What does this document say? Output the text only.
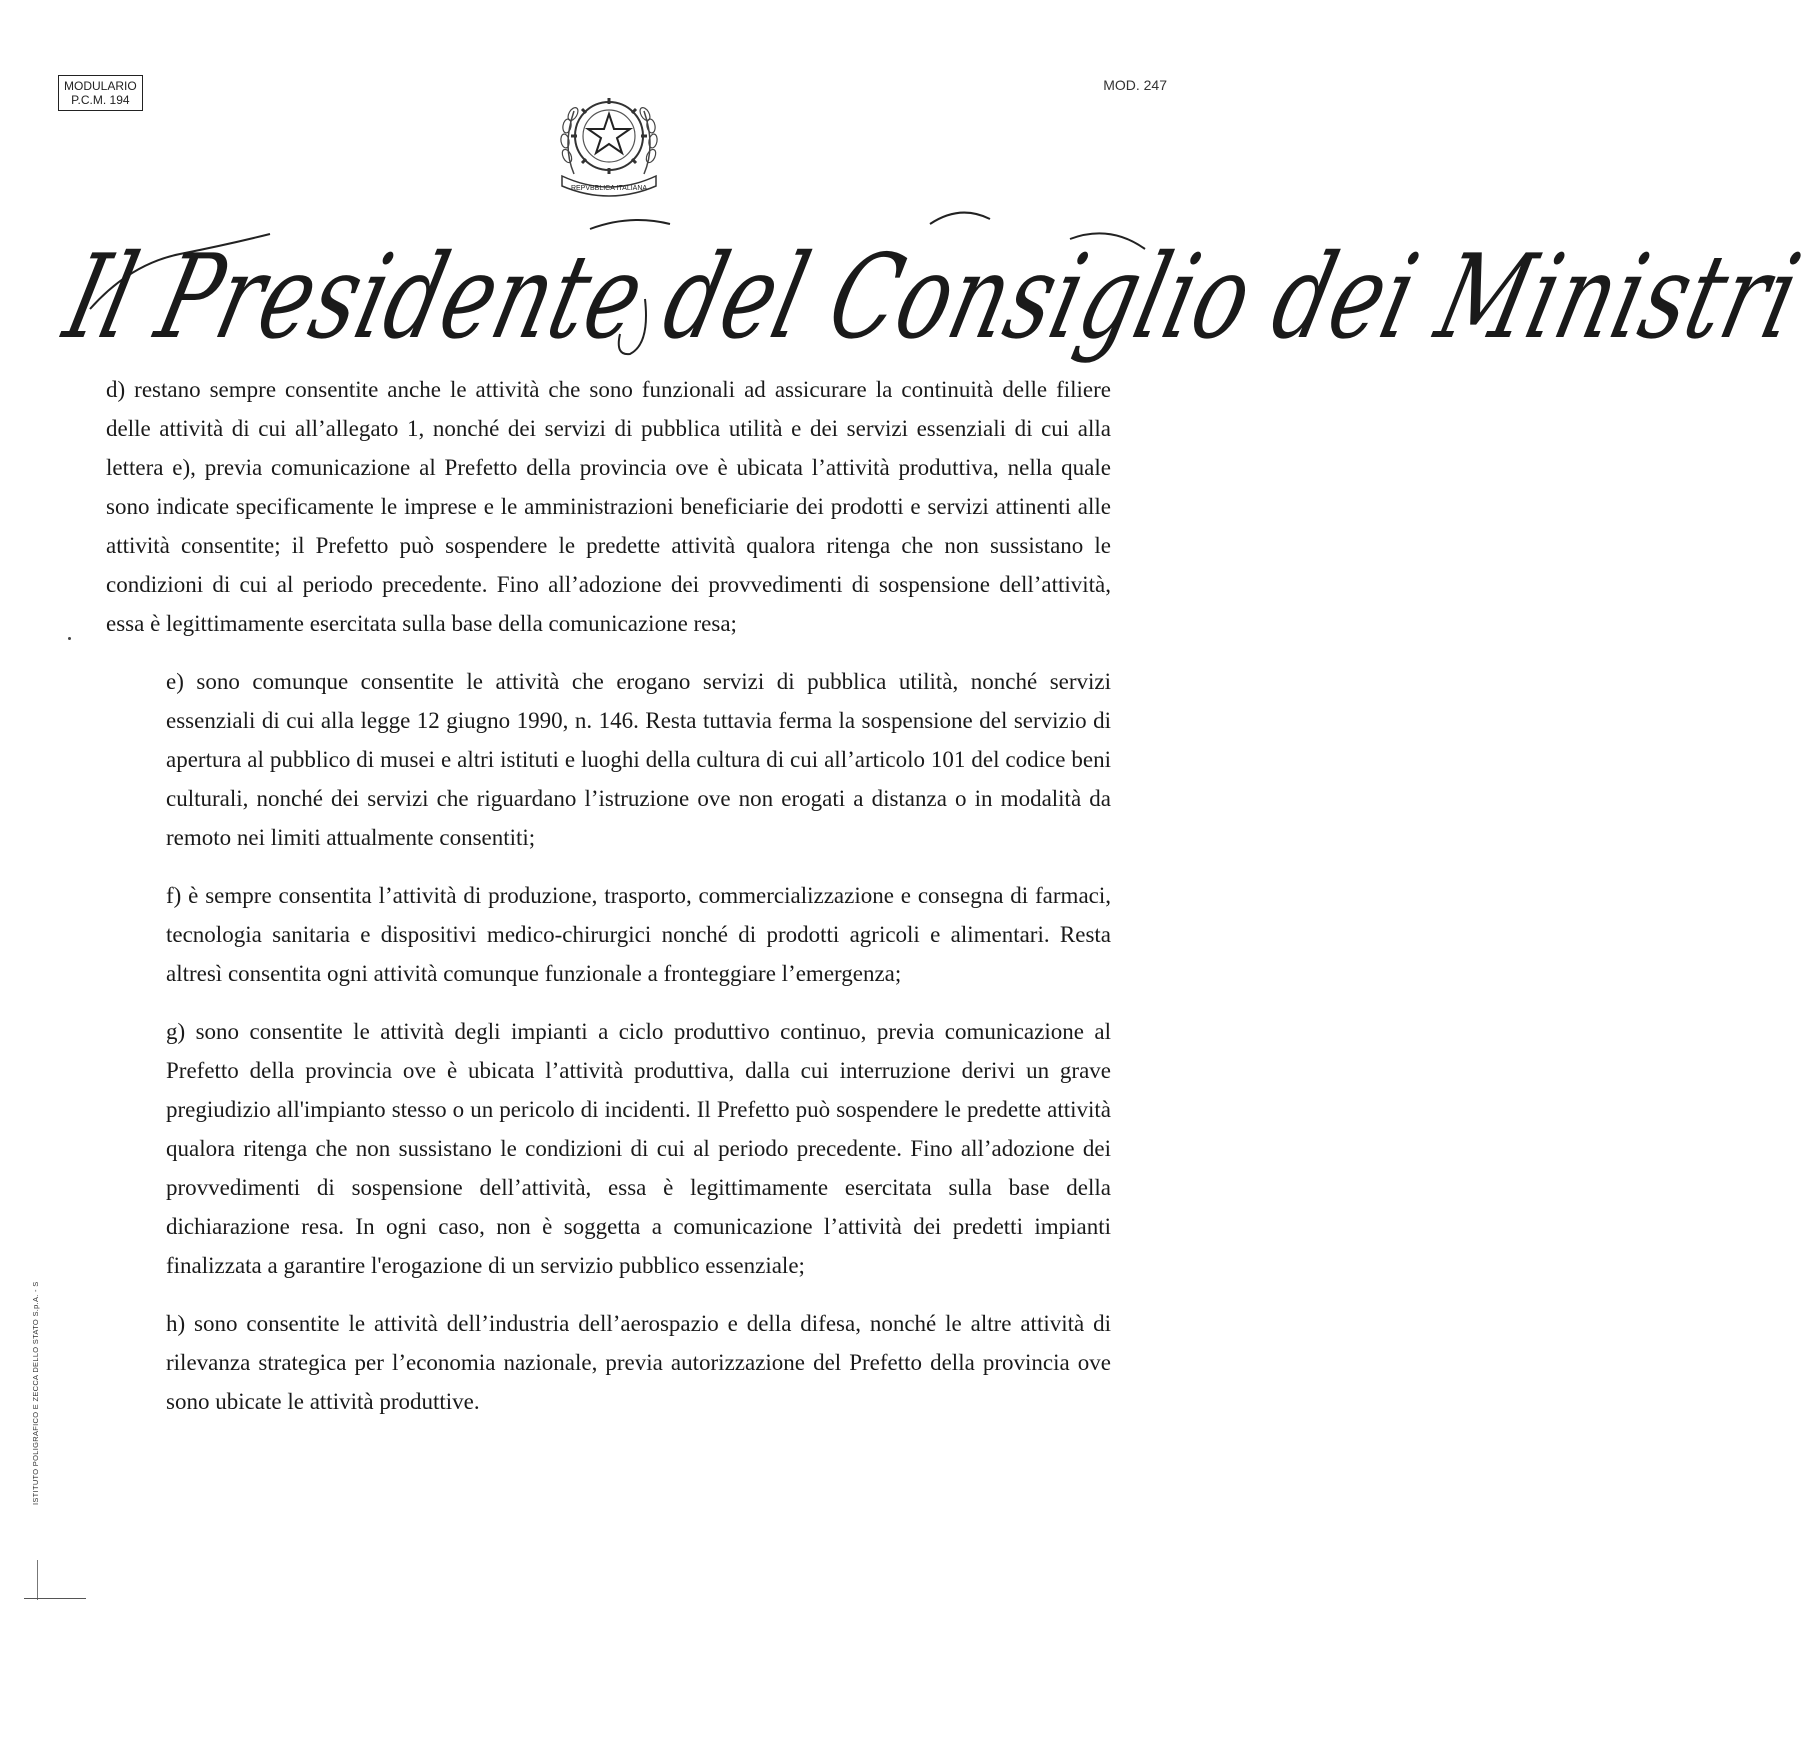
MODULARIO
P.C.M. 194
MOD. 247
REPVBBLICA ITALIANA
Il Presidente del Consiglio dei Ministri

d) restano sempre consentite anche le attività che sono funzionali ad assicurare la continuità delle filiere delle attività di cui all’allegato 1, nonché dei servizi di pubblica utilità e dei servizi essenziali di cui alla lettera e), previa comunicazione al Prefetto della provincia ove è ubicata l’attività produttiva, nella quale sono indicate specificamente le imprese e le amministrazioni beneficiarie dei prodotti e servizi attinenti alle attività consentite; il Prefetto può sospendere le predette attività qualora ritenga che non sussistano le condizioni di cui al periodo precedente. Fino all’adozione dei provvedimenti di sospensione dell’attività, essa è legittimamente esercitata sulla base della comunicazione resa;

e) sono comunque consentite le attività che erogano servizi di pubblica utilità, nonché servizi essenziali di cui alla legge 12 giugno 1990, n. 146. Resta tuttavia ferma la sospensione del servizio di apertura al pubblico di musei e altri istituti e luoghi della cultura di cui all’articolo 101 del codice beni culturali, nonché dei servizi che riguardano l’istruzione ove non erogati a distanza o in modalità da remoto nei limiti attualmente consentiti;

f) è sempre consentita l’attività di produzione, trasporto, commercializzazione e consegna di farmaci, tecnologia sanitaria e dispositivi medico-chirurgici nonché di prodotti agricoli e alimentari. Resta altresì consentita ogni attività comunque funzionale a fronteggiare l’emergenza;

g) sono consentite le attività degli impianti a ciclo produttivo continuo, previa comunicazione al Prefetto della provincia ove è ubicata l’attività produttiva, dalla cui interruzione derivi un grave pregiudizio all'impianto stesso o un pericolo di incidenti. Il Prefetto può sospendere le predette attività qualora ritenga che non sussistano le condizioni di cui al periodo precedente. Fino all’adozione dei provvedimenti di sospensione dell’attività, essa è legittimamente esercitata sulla base della dichiarazione resa. In ogni caso, non è soggetta a comunicazione l’attività dei predetti impianti finalizzata a garantire l'erogazione di un servizio pubblico essenziale;

h) sono consentite le attività dell’industria dell’aerospazio e della difesa, nonché le altre attività di rilevanza strategica per l’economia nazionale, previa autorizzazione del Prefetto della provincia ove sono ubicate le attività produttive.

ISTITUTO POLIGRAFICO E ZECCA DELLO STATO S.p.A. - S
